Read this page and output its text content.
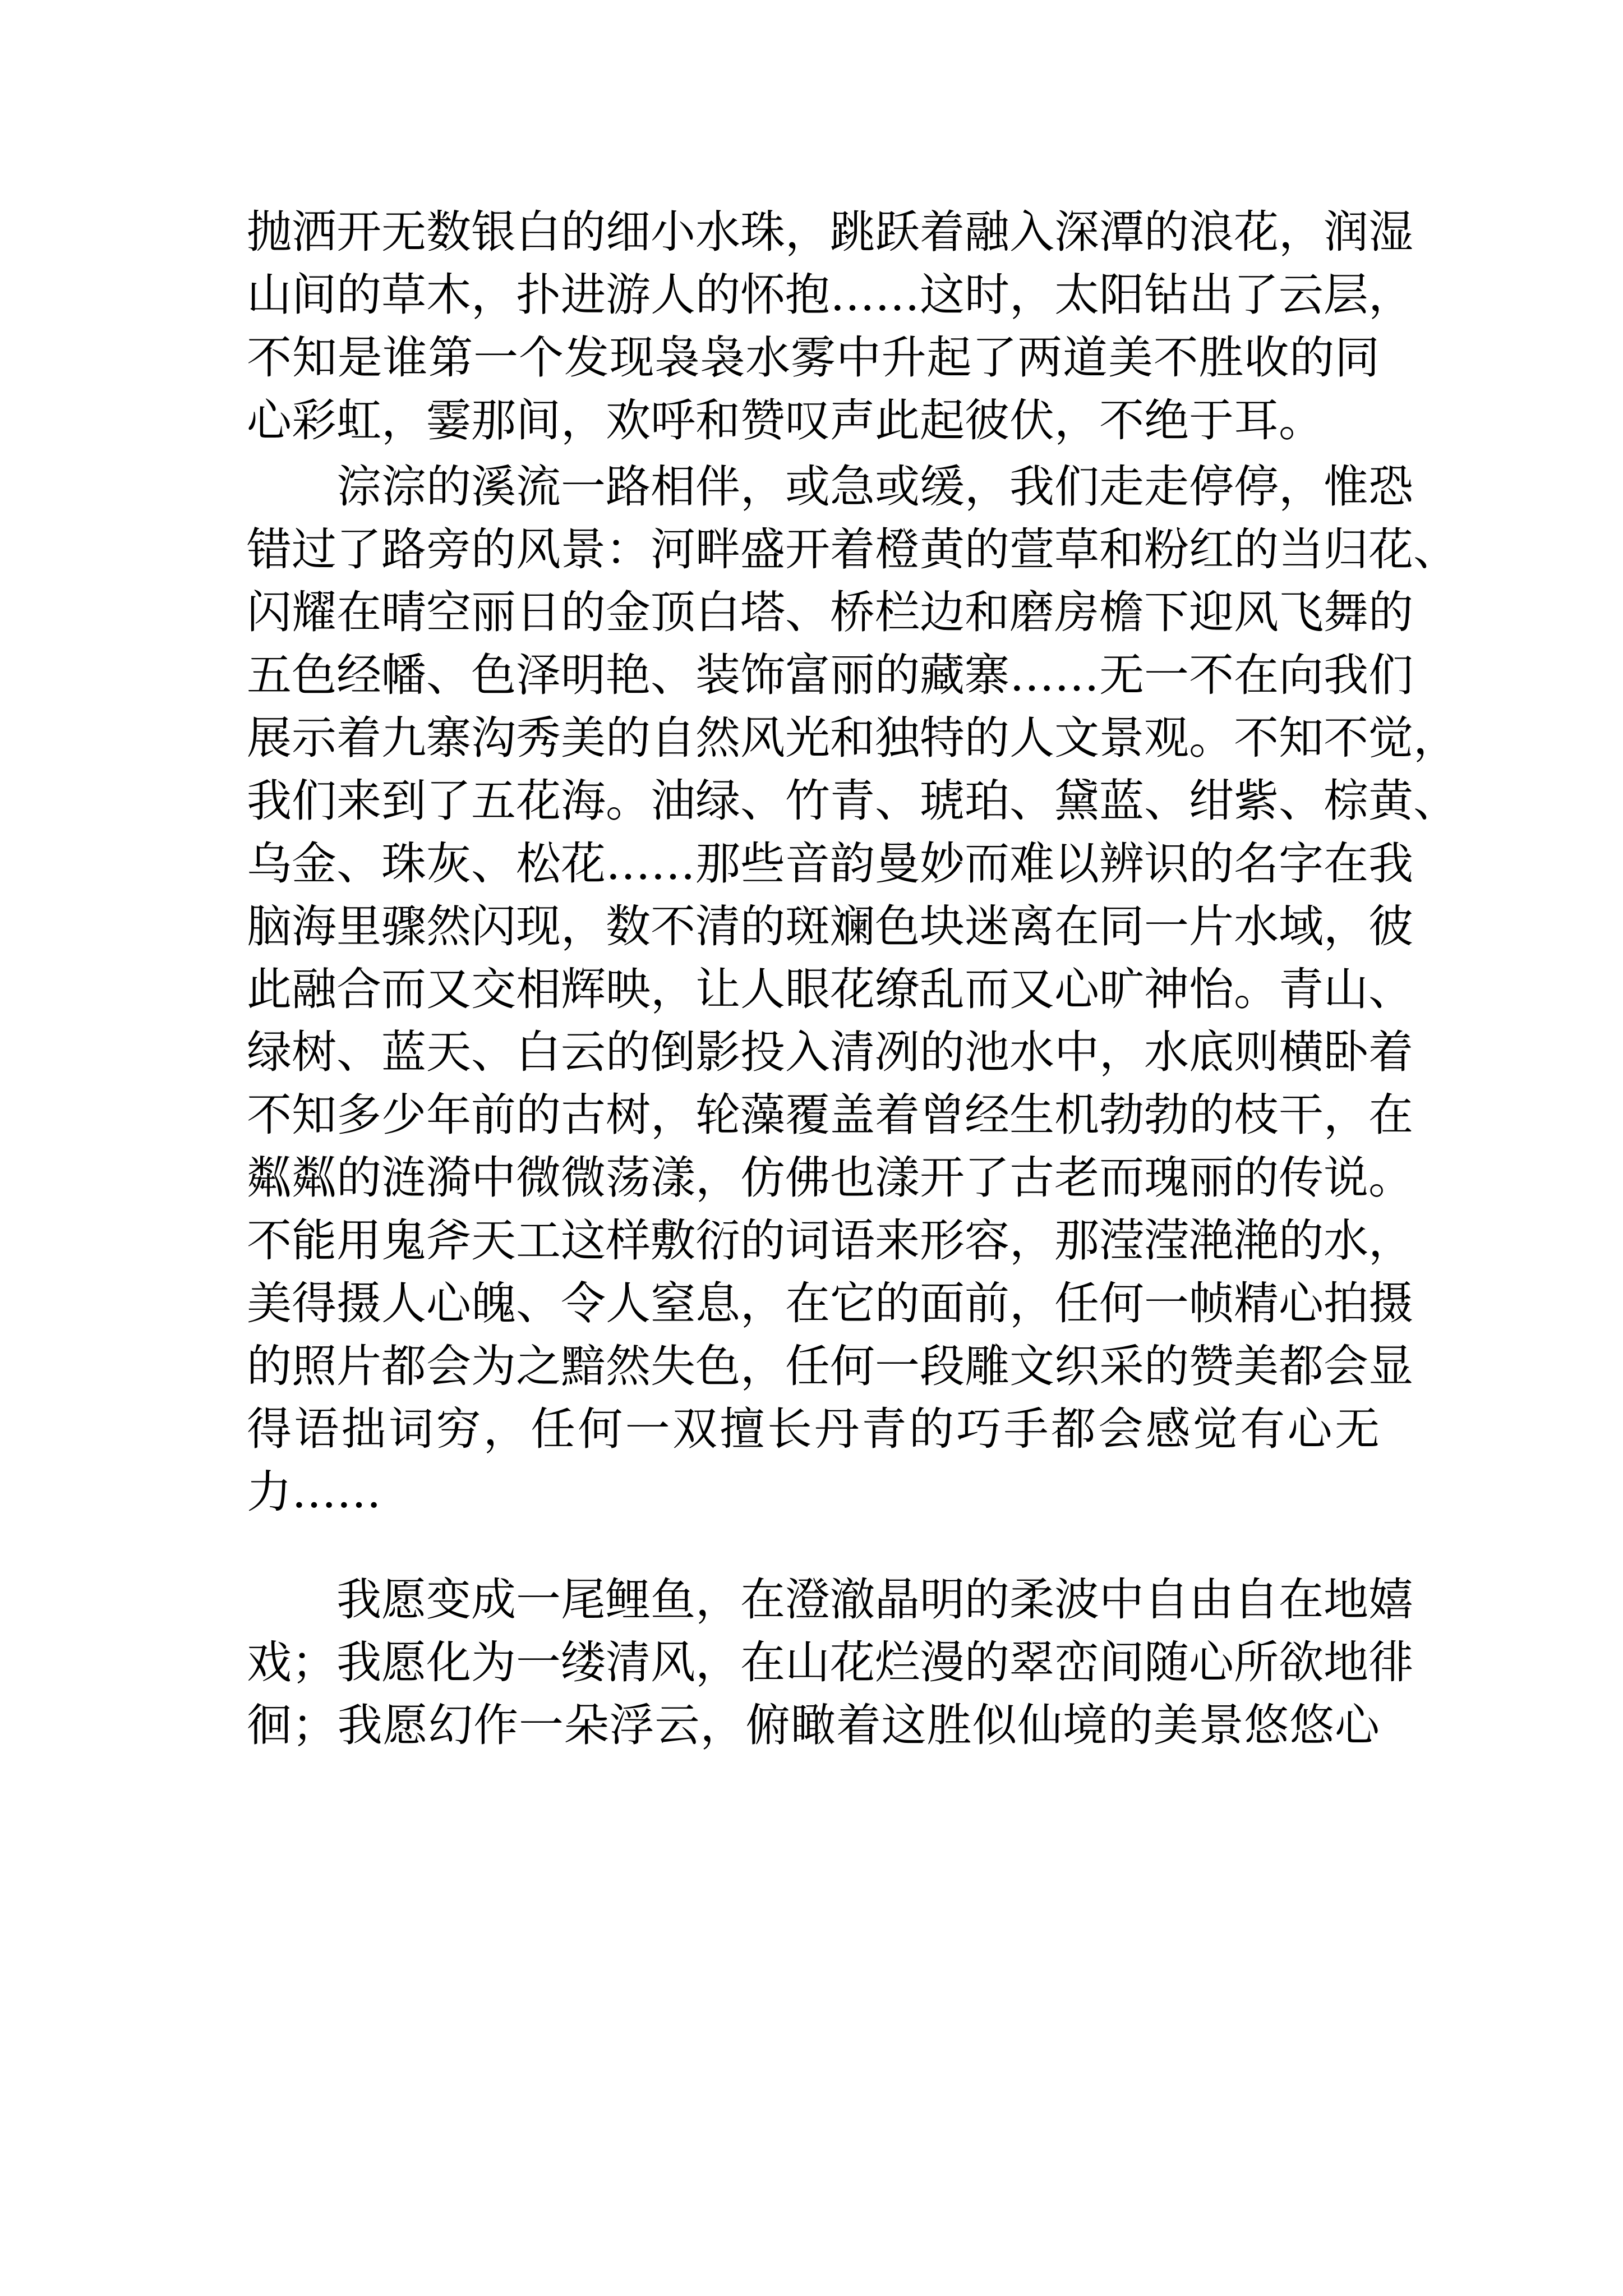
抛洒开无数银白的细小水珠，跳跃着融入深潭的浪花，润湿
山间的草木，扑进游人的怀抱……这时，太阳钻出了云层，
不知是谁第一个发现袅袅水雾中升起了两道美不胜收的同
心彩虹，霎那间，欢呼和赞叹声此起彼伏，不绝于耳。
淙淙的溪流一路相伴，或急或缓，我们走走停停，惟恐
错过了路旁的风景：河畔盛开着橙黄的萱草和粉红的当归花、
闪耀在晴空丽日的金顶白塔、桥栏边和磨房檐下迎风飞舞的
五色经幡、色泽明艳、装饰富丽的藏寨……无一不在向我们
展示着九寨沟秀美的自然风光和独特的人文景观。不知不觉，
我们来到了五花海。油绿、竹青、琥珀、黛蓝、绀紫、棕黄、
乌金、珠灰、松花……那些音韵曼妙而难以辨识的名字在我
脑海里骤然闪现，数不清的斑斓色块迷离在同一片水域，彼
此融合而又交相辉映，让人眼花缭乱而又心旷神怡。青山、
绿树、蓝天、白云的倒影投入清冽的池水中，水底则横卧着
不知多少年前的古树，轮藻覆盖着曾经生机勃勃的枝干，在
粼粼的涟漪中微微荡漾，仿佛也漾开了古老而瑰丽的传说。
不能用鬼斧天工这样敷衍的词语来形容，那滢滢滟滟的水，
美得摄人心魄、令人窒息，在它的面前，任何一帧精心拍摄
的照片都会为之黯然失色，任何一段雕文织采的赞美都会显
得语拙词穷，任何一双擅长丹青的巧手都会感觉有心无
力……
我愿变成一尾鲤鱼，在澄澈晶明的柔波中自由自在地嬉
戏；我愿化为一缕清风，在山花烂漫的翠峦间随心所欲地徘
徊；我愿幻作一朵浮云，俯瞰着这胜似仙境的美景悠悠心
